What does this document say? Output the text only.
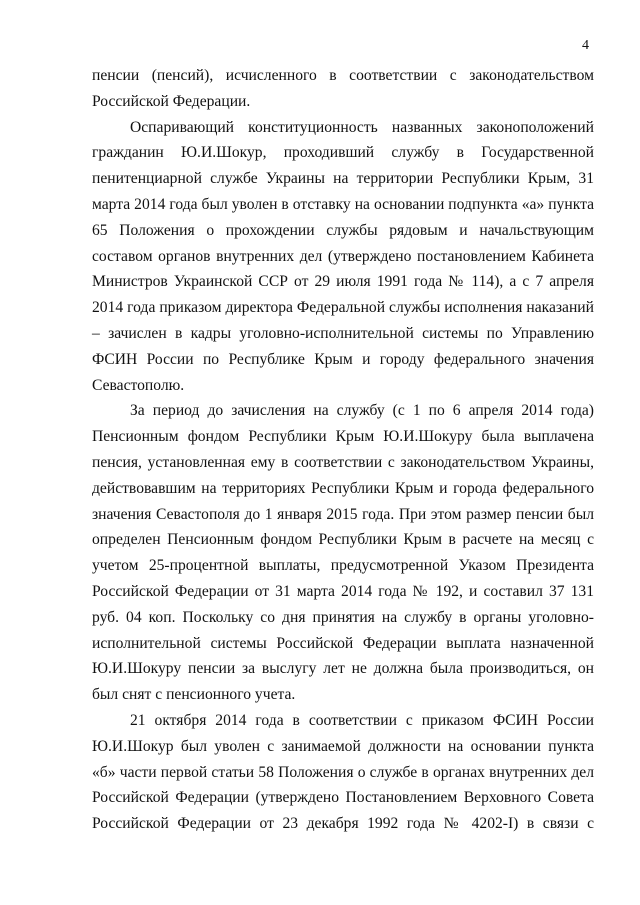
4

пенсии (пенсий), исчисленного в соответствии с законодательством Российской Федерации.

Оспаривающий конституционность названных законоположений гражданин Ю.И.Шокур, проходивший службу в Государственной пенитенциарной службе Украины на территории Республики Крым, 31 марта 2014 года был уволен в отставку на основании подпункта «а» пункта 65 Положения о прохождении службы рядовым и начальствующим составом органов внутренних дел (утверждено постановлением Кабинета Министров Украинской ССР от 29 июля 1991 года № 114), а с 7 апреля 2014 года приказом директора Федеральной службы исполнения наказаний – зачислен в кадры уголовно-исполнительной системы по Управлению ФСИН России по Республике Крым и городу федерального значения Севастополю.

За период до зачисления на службу (с 1 по 6 апреля 2014 года) Пенсионным фондом Республики Крым Ю.И.Шокуру была выплачена пенсия, установленная ему в соответствии с законодательством Украины, действовавшим на территориях Республики Крым и города федерального значения Севастополя до 1 января 2015 года. При этом размер пенсии был определен Пенсионным фондом Республики Крым в расчете на месяц с учетом 25-процентной выплаты, предусмотренной Указом Президента Российской Федерации от 31 марта 2014 года № 192, и составил 37 131 руб. 04 коп. Поскольку со дня принятия на службу в органы уголовно-исполнительной системы Российской Федерации выплата назначенной Ю.И.Шокуру пенсии за выслугу лет не должна была производиться, он был снят с пенсионного учета.

21 октября 2014 года в соответствии с приказом ФСИН России Ю.И.Шокур был уволен с занимаемой должности на основании пункта «б» части первой статьи 58 Положения о службе в органах внутренних дел Российской Федерации (утверждено Постановлением Верховного Совета Российской Федерации от 23 декабря 1992 года № 4202-I) в связи с
